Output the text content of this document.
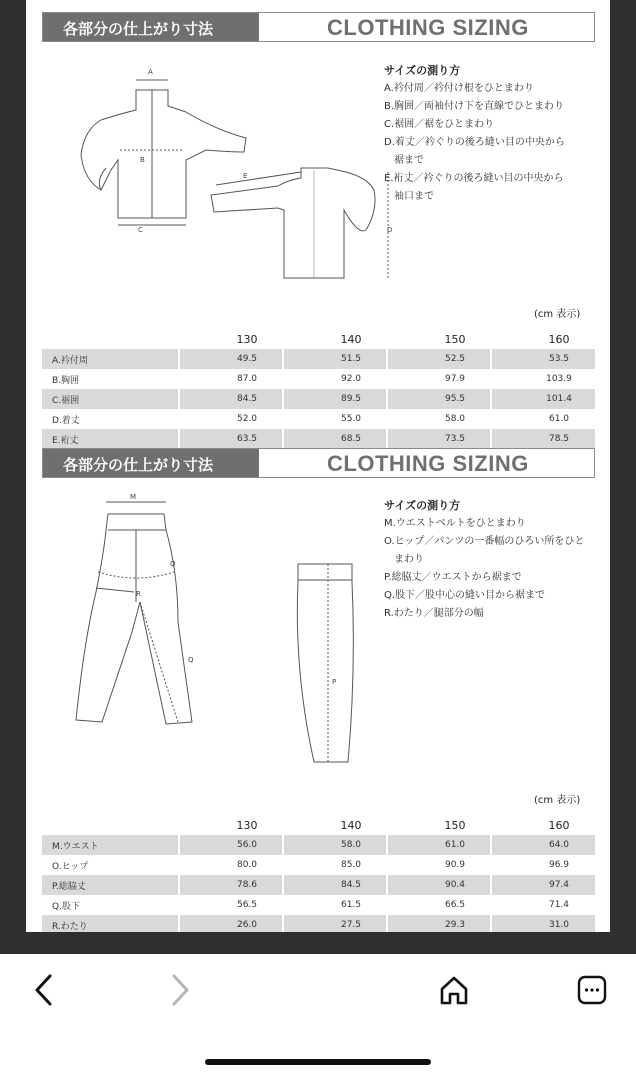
各部分の仕上がり寸法	CLOTHING SIZING
A
B
C
E
D
サイズの測り方
A.衿付周／衿付け根をひとまわり
B.胸囲／両袖付け下を直線でひとまわり
C.裾囲／裾をひとまわり
D.着丈／衿ぐりの後ろ縫い目の中央から
　裾まで
E.裄丈／衿ぐりの後ろ縫い目の中央から
　袖口まで
(cm 表示)
130	140	150	160
A.衿付周	49.5	51.5	52.5	53.5
B.胸囲	87.0	92.0	97.9	103.9
C.裾囲	84.5	89.5	95.5	101.4
D.着丈	52.0	55.0	58.0	61.0
E.裄丈	63.5	68.5	73.5	78.5
各部分の仕上がり寸法	CLOTHING SIZING
M
O
R
Q
P
サイズの測り方
M.ウエストベルトをひとまわり
O.ヒップ／パンツの一番幅のひろい所をひと
　まわり
P.総脇丈／ウエストから裾まで
Q.股下／股中心の縫い目から裾まで
R.わたり／腿部分の幅
(cm 表示)
130	140	150	160
M.ウエスト	56.0	58.0	61.0	64.0
O.ヒップ	80.0	85.0	90.9	96.9
P.総脇丈	78.6	84.5	90.4	97.4
Q.股下	56.5	61.5	66.5	71.4
R.わたり	26.0	27.5	29.3	31.0
